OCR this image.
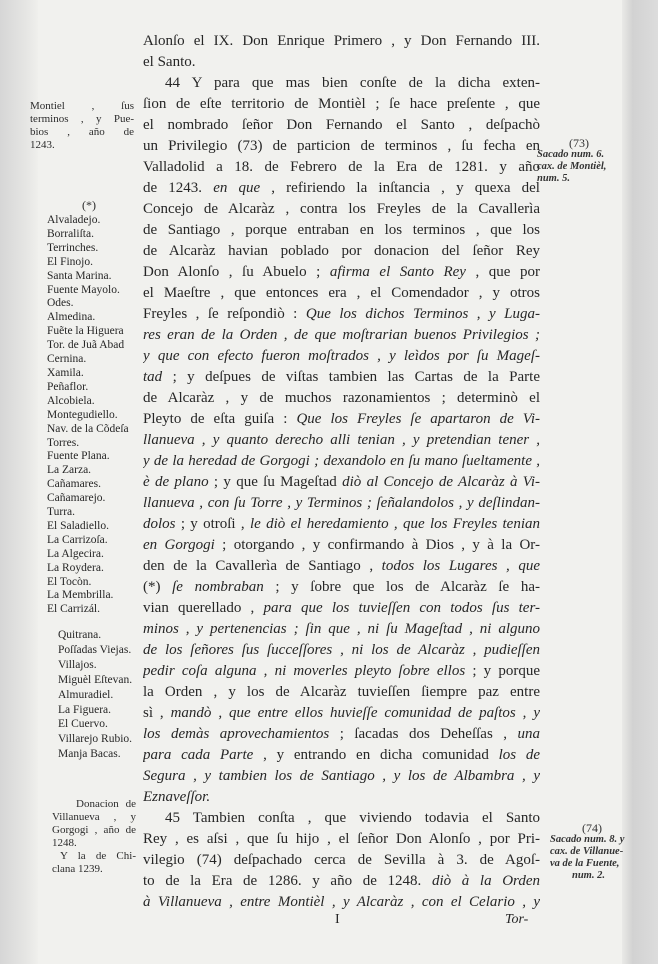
Alonſo el IX. Don Enrique Primero , y Don Fernando III.
el Santo.
44 Y para que mas bien conſte de la dicha exten-
ſion de eſte territorio de Montièl ; ſe hace preſente , que
el nombrado ſeñor Don Fernando el Santo , deſpachò
un Privilegio (73) de particion de terminos , ſu fecha en
Valladolid a 18. de Febrero de la Era de 1281. y año
de 1243. en que , refiriendo la inſtancia , y quexa del
Concejo de Alcaràz , contra los Freyles de la Cavallerìa
de Santiago , porque entraban en los terminos , que los
de Alcaràz havian poblado por donacion del ſeñor Rey
Don Alonſo , ſu Abuelo ; afirma el Santo Rey , que por
el Maeſtre , que entonces era , el Comendador , y otros
Freyles , ſe reſpondiò : Que los dichos Terminos , y Luga-
res eran de la Orden , de que moſtrarian buenos Privilegios ;
y que con efecto fueron moſtrados , y leìdos por ſu Mageſ-
tad ; y deſpues de viſtas tambien las Cartas de la Parte
de Alcaràz , y de muchos razonamientos ; determinò el
Pleyto de eſta guiſa : Que los Freyles ſe apartaron de Vi-
llanueva , y quanto derecho alli tenian , y pretendian tener ,
y de la heredad de Gorgogi ; dexandolo en ſu mano ſueltamente ,
è de plano ; y que ſu Mageſtad diò al Concejo de Alcaràz à Vi-
llanueva , con ſu Torre , y Terminos ; ſeñalandolos , y deſlindan-
dolos ; y otroſi , le diò el heredamiento , que los Freyles tenian
en Gorgogi ; otorgando , y confirmando à Dios , y à la Or-
den de la Cavallerìa de Santiago , todos los Lugares , que
(*) ſe nombraban ; y ſobre que los de Alcaràz ſe ha-
vian querellado , para que los tuvieſſen con todos ſus ter-
minos , y pertenencias ; ſin que , ni ſu Mageſtad , ni alguno
de los ſeñores ſus ſucceſſores , ni los de Alcaràz , pudieſſen
pedir coſa alguna , ni moverles pleyto ſobre ellos ; y porque
la Orden , y los de Alcaràz tuvieſſen ſiempre paz entre
sì , mandò , que entre ellos huvieſſe comunidad de paſtos , y
los demàs aprovechamientos ; ſacadas dos Deheſſas , una
para cada Parte , y entrando en dicha comunidad los de
Segura , y tambien los de Santiago , y los de Albambra , y
Eznaveſſor.
45 Tambien conſta , que viviendo todavia el Santo
Rey , es aſsi , que ſu hijo , el ſeñor Don Alonſo , por Pri-
vilegio (74) deſpachado cerca de Sevilla à 3. de Agoſ-
to de la Era de 1286. y año de 1248. diò à la Orden
à Villanueva , entre Montièl , y Alcaràz , con el Celario , y
Montiel , ſus
terminos , y Pue-
bios , año de
1243.
(*)
Alvaladejo.
Borraliſta.
Terrinches.
El Finojo.
Santa Marina.
Fuente Mayolo.
Odes.
Almedina.
Fuẽte la Higuera
Tor. de Juã Abad
Cernina.
Xamila.
Peñaflor.
Alcobiela.
Montegudiello.
Nav. de la Cõdeſa
Torres.
Fuente Plana.
La Zarza.
Cañamares.
Cañamarejo.
Turra.
El Saladiello.
La Carrizoſa.
La Algecira.
La Roydera.
El Tocòn.
La Membrilla.
El Carrizál.
Quitrana.
Poſſadas Viejas.
Villajos.
Miguèl Eſtevan.
Almuradiel.
La Figuera.
El Cuervo.
Villarejo Rubio.
Manja Bacas.
Donacion de
Villanueva , y
Gorgogi , año de
1248.
Y la de Chi-
clana 1239.
(73)
Sacado num. 6.
cax. de Montièl,
num. 5.
(74)
Sacado num. 8. y
cax. de Villanue-
va de la Fuente,
num. 2.
I	Tor-
